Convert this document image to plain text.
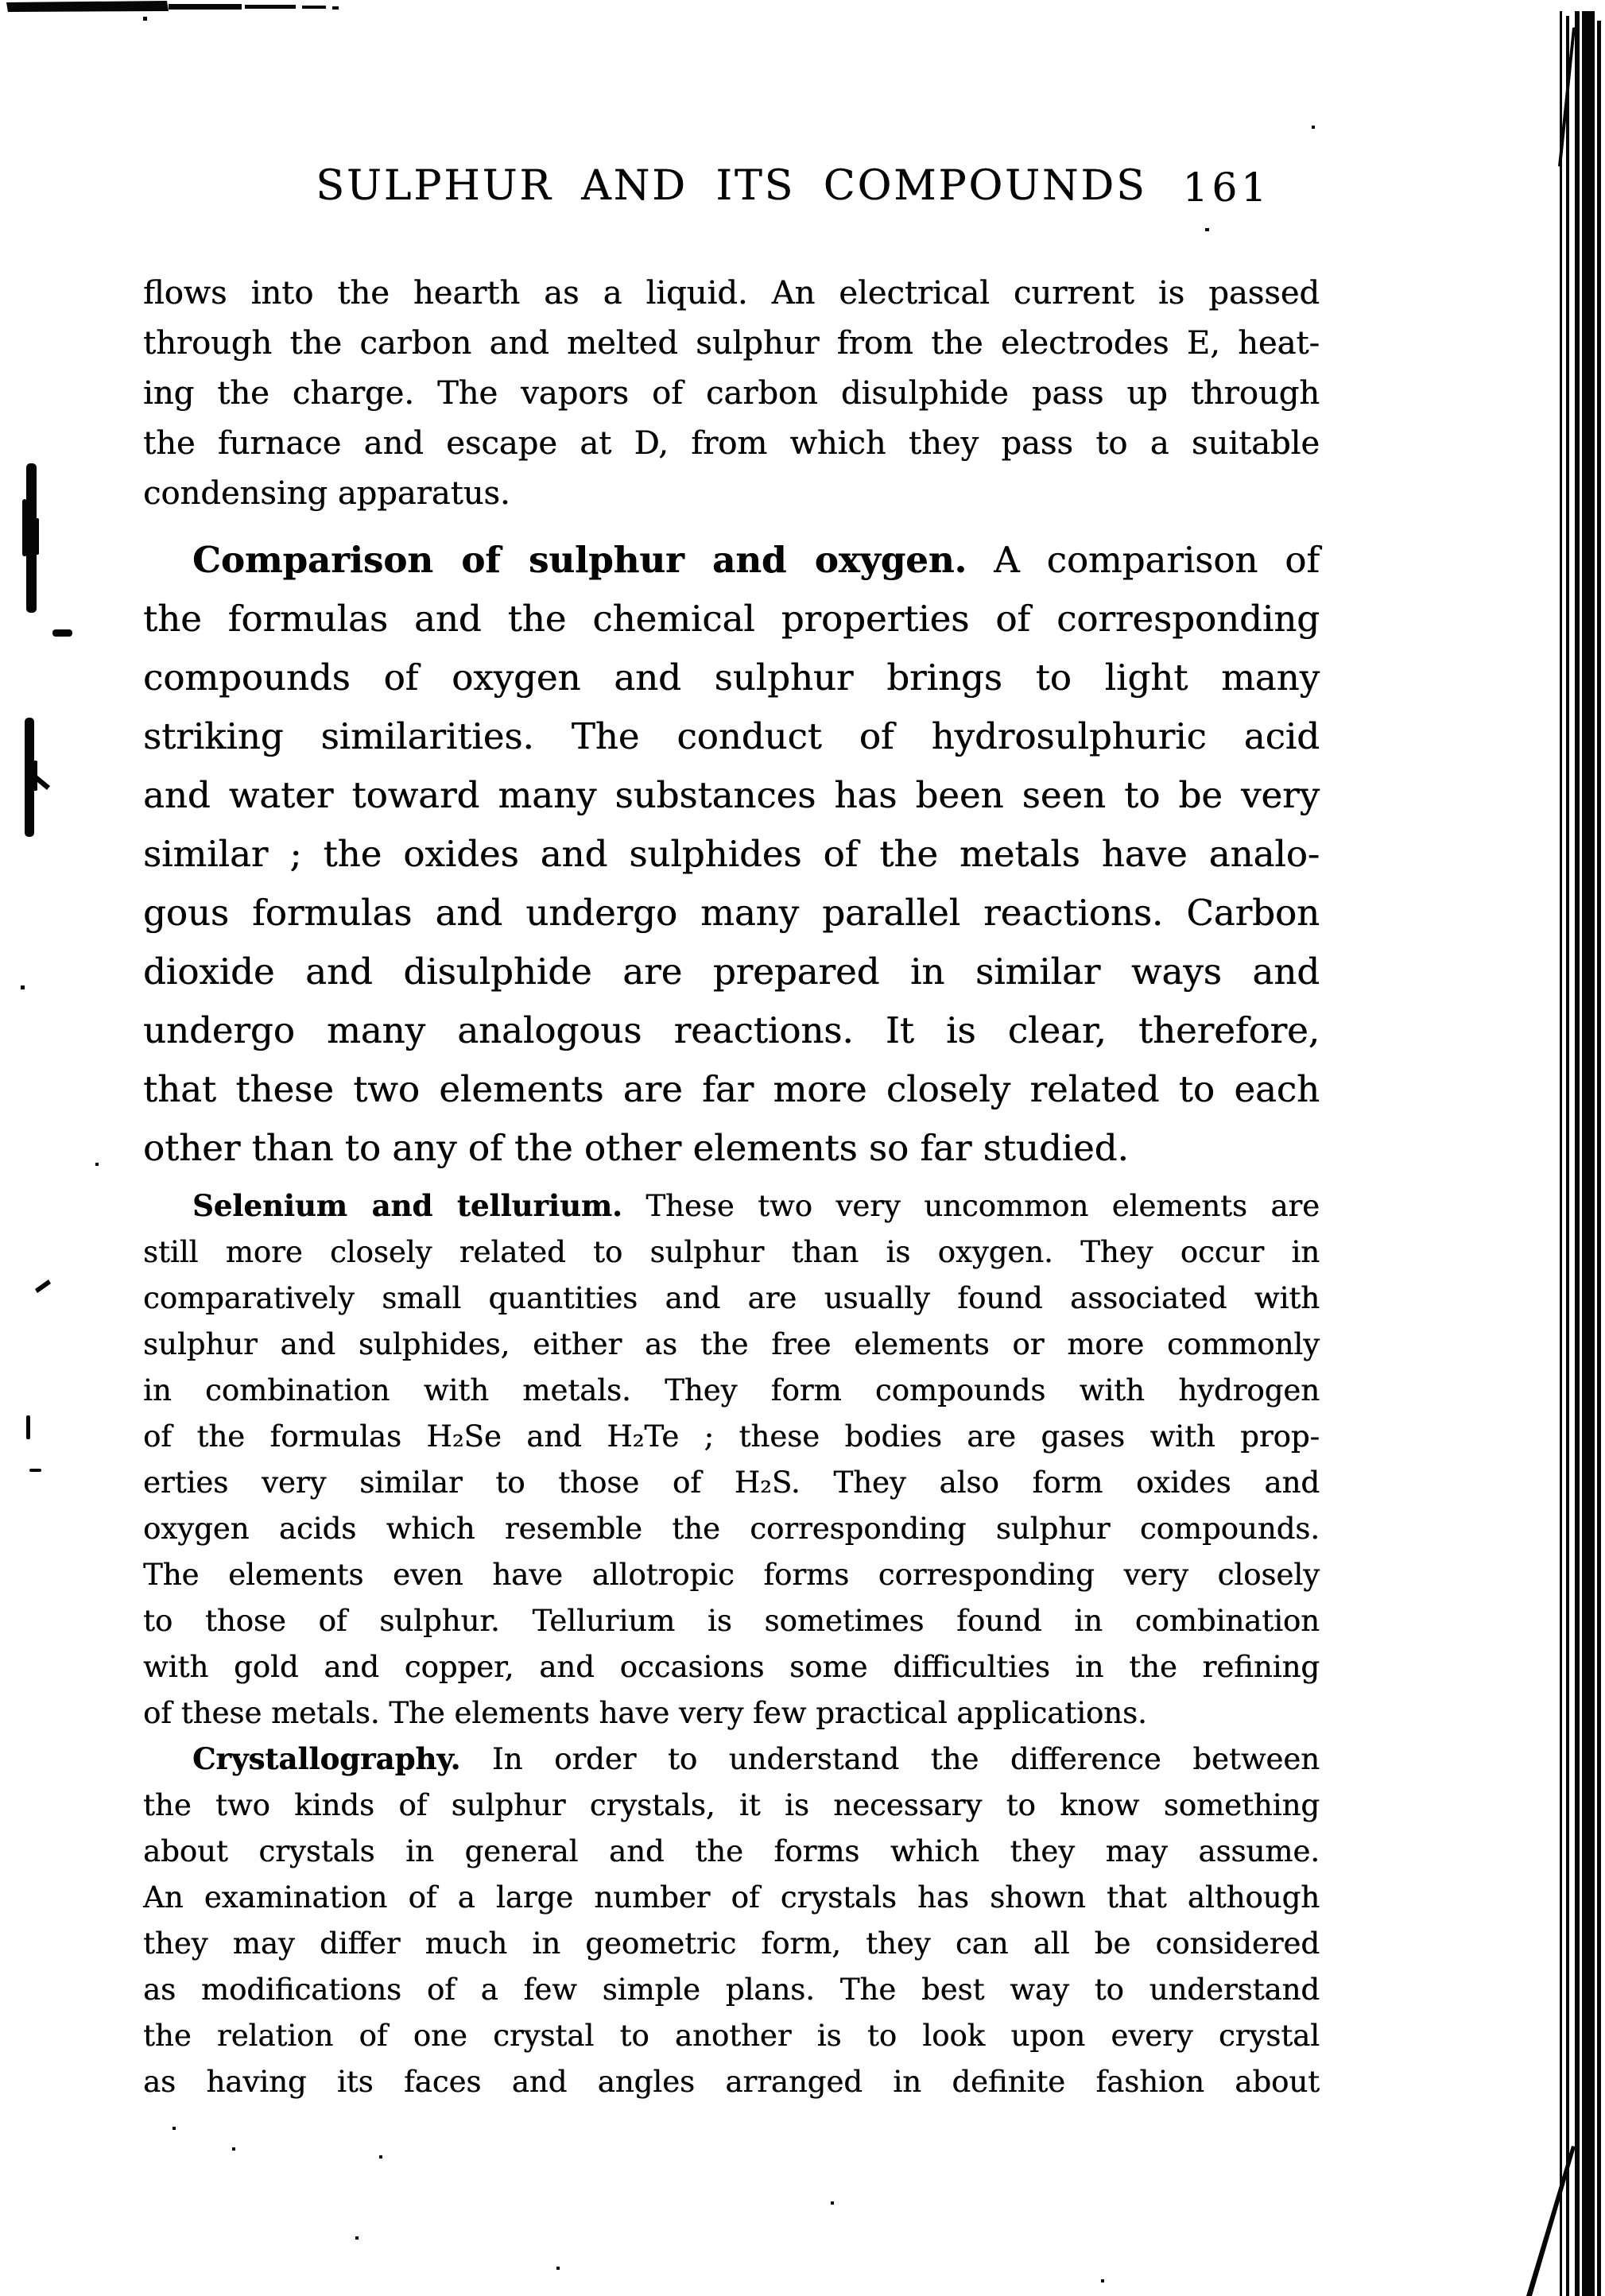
SULPHUR AND ITS COMPOUNDS 161
flows into the hearth as a liquid. An electrical current is passed
through the carbon and melted sulphur from the electrodes E, heat-
ing the charge. The vapors of carbon disulphide pass up through
the furnace and escape at D, from which they pass to a suitable
condensing apparatus.
Comparison of sulphur and oxygen. A comparison of
the formulas and the chemical properties of corresponding
compounds of oxygen and sulphur brings to light many
striking similarities. The conduct of hydrosulphuric acid
and water toward many substances has been seen to be very
similar ; the oxides and sulphides of the metals have analo-
gous formulas and undergo many parallel reactions. Carbon
dioxide and disulphide are prepared in similar ways and
undergo many analogous reactions. It is clear, therefore,
that these two elements are far more closely related to each
other than to any of the other elements so far studied.
Selenium and tellurium. These two very uncommon elements are
still more closely related to sulphur than is oxygen. They occur in
comparatively small quantities and are usually found associated with
sulphur and sulphides, either as the free elements or more commonly
in combination with metals. They form compounds with hydrogen
of the formulas H₂Se and H₂Te ; these bodies are gases with prop-
erties very similar to those of H₂S. They also form oxides and
oxygen acids which resemble the corresponding sulphur compounds.
The elements even have allotropic forms corresponding very closely
to those of sulphur. Tellurium is sometimes found in combination
with gold and copper, and occasions some difficulties in the refining
of these metals. The elements have very few practical applications.
Crystallography. In order to understand the difference between
the two kinds of sulphur crystals, it is necessary to know something
about crystals in general and the forms which they may assume.
An examination of a large number of crystals has shown that although
they may differ much in geometric form, they can all be considered
as modifications of a few simple plans. The best way to understand
the relation of one crystal to another is to look upon every crystal
as having its faces and angles arranged in definite fashion about
